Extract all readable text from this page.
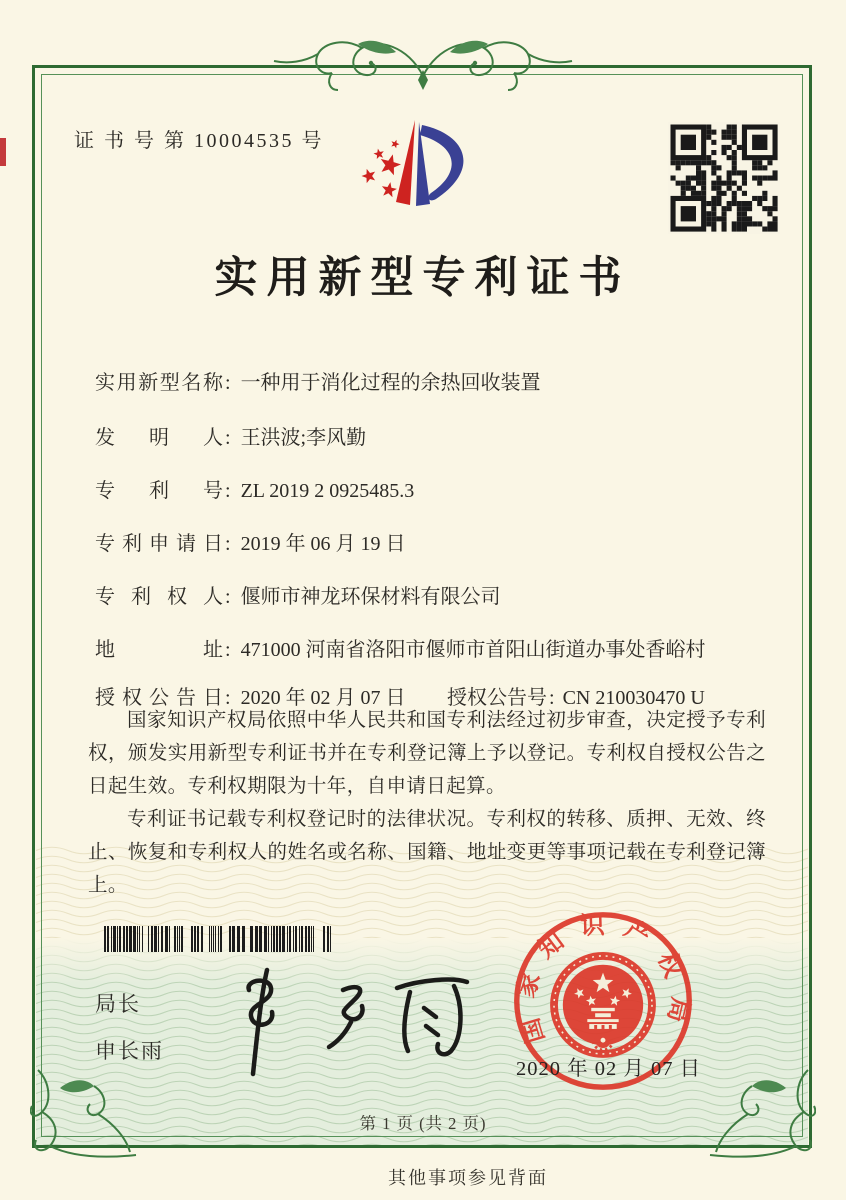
证 书 号 第 10004535 号
实用新型专利证书
实用新型名称 : 一种用于消化过程的余热回收装置
发明人 : 王洪波;李风勤
专利号 : ZL 2019 2 0925485.3
专利申请日 : 2019 年 06 月 19 日
专利权人 : 偃师市神龙环保材料有限公司
地址 : 471000 河南省洛阳市偃师市首阳山街道办事处香峪村
授权公告日 : 2020 年 02 月 07 日 授权公告号 : CN 210030470 U

国家知识产权局依照中华人民共和国专利法经过初步审查，决定授予专利权，颁发实用新型专利证书并在专利登记簿上予以登记。专利权自授权公告之日起生效。专利权期限为十年，自申请日起算。

专利证书记载专利权登记时的法律状况。专利权的转移、质押、无效、终止、恢复和专利权人的姓名或名称、国籍、地址变更等事项记载在专利登记簿上。

局长
申长雨
国家知识产权局
2020 年 02 月 07 日
第 1 页 (共 2 页)
其他事项参见背面
